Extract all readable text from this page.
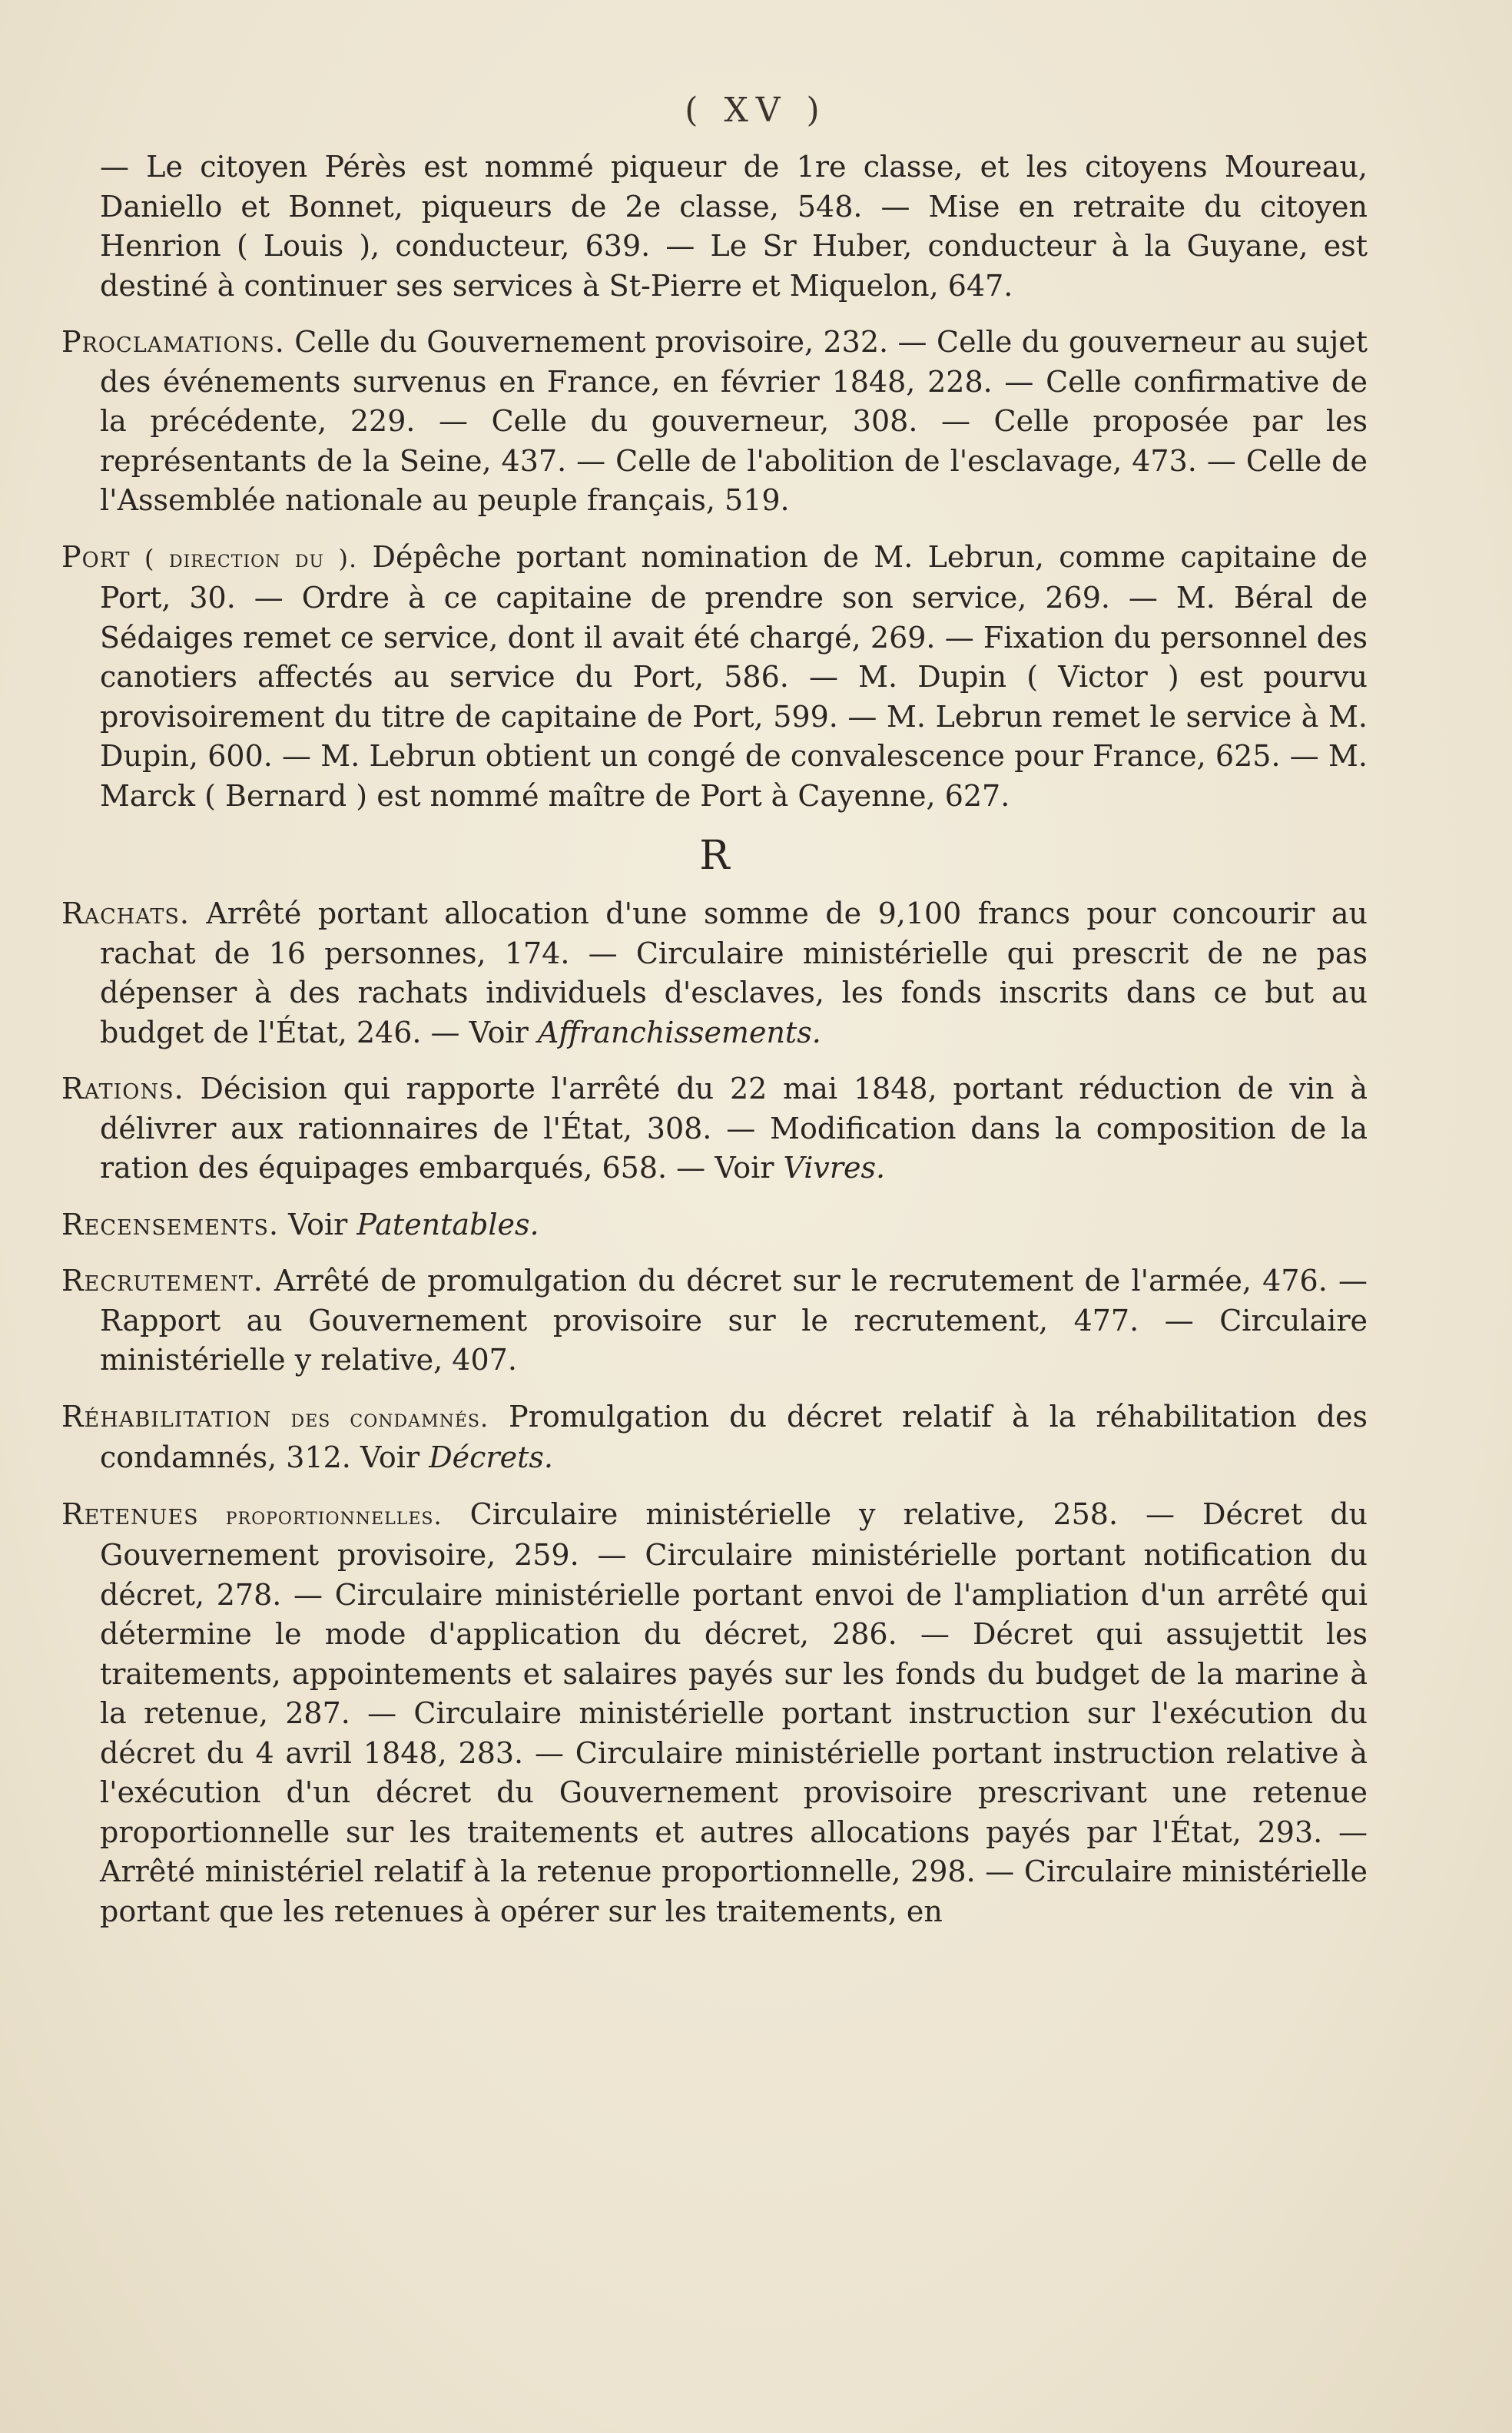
( XV )

— Le citoyen Pérès est nommé piqueur de 1re classe, et les citoyens Moureau, Daniello et Bonnet, piqueurs de 2e classe, 548. — Mise en retraite du citoyen Henrion ( Louis ), conducteur, 639. — Le Sr Huber, conducteur à la Guyane, est destiné à continuer ses services à St-Pierre et Miquelon, 647.

Proclamations. Celle du Gouvernement provisoire, 232. — Celle du gouverneur au sujet des événements survenus en France, en février 1848, 228. — Celle confirmative de la précédente, 229. — Celle du gouverneur, 308. — Celle proposée par les représentants de la Seine, 437. — Celle de l'abolition de l'esclavage, 473. — Celle de l'Assemblée nationale au peuple français, 519.

Port ( direction du ). Dépêche portant nomination de M. Lebrun, comme capitaine de Port, 30. — Ordre à ce capitaine de prendre son service, 269. — M. Béral de Sédaiges remet ce service, dont il avait été chargé, 269. — Fixation du personnel des canotiers affectés au service du Port, 586. — M. Dupin ( Victor ) est pourvu provisoirement du titre de capitaine de Port, 599. — M. Lebrun remet le service à M. Dupin, 600. — M. Lebrun obtient un congé de convalescence pour France, 625. — M. Marck ( Bernard ) est nommé maître de Port à Cayenne, 627.

R

Rachats. Arrêté portant allocation d'une somme de 9,100 francs pour concourir au rachat de 16 personnes, 174. — Circulaire ministérielle qui prescrit de ne pas dépenser à des rachats individuels d'esclaves, les fonds inscrits dans ce but au budget de l'État, 246. — Voir Affranchissements.

Rations. Décision qui rapporte l'arrêté du 22 mai 1848, portant réduction de vin à délivrer aux rationnaires de l'État, 308. — Modification dans la composition de la ration des équipages embarqués, 658. — Voir Vivres.

Recensements. Voir Patentables.

Recrutement. Arrêté de promulgation du décret sur le recrutement de l'armée, 476. — Rapport au Gouvernement provisoire sur le recrutement, 477. — Circulaire ministérielle y relative, 407.

Réhabilitation des condamnés. Promulgation du décret relatif à la réhabilitation des condamnés, 312. Voir Décrets.

Retenues proportionnelles. Circulaire ministérielle y relative, 258. — Décret du Gouvernement provisoire, 259. — Circulaire ministérielle portant notification du décret, 278. — Circulaire ministérielle portant envoi de l'ampliation d'un arrêté qui détermine le mode d'application du décret, 286. — Décret qui assujettit les traitements, appointements et salaires payés sur les fonds du budget de la marine à la retenue, 287. — Circulaire ministérielle portant instruction sur l'exécution du décret du 4 avril 1848, 283. — Circulaire ministérielle portant instruction relative à l'exécution d'un décret du Gouvernement provisoire prescrivant une retenue proportionnelle sur les traitements et autres allocations payés par l'État, 293. — Arrêté ministériel relatif à la retenue proportionnelle, 298. — Circulaire ministérielle portant que les retenues à opérer sur les traitements, en
